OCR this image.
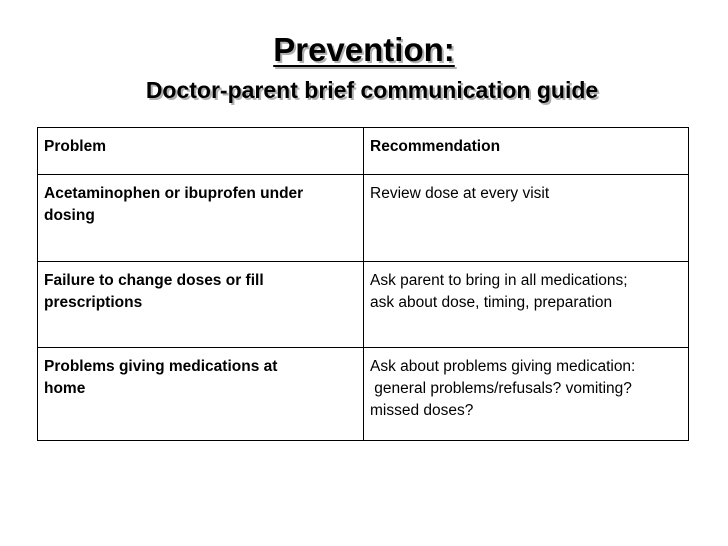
Prevention:
Doctor-parent brief communication guide
Problem	Recommendation

Acetaminophen or ibuprofen under
dosing	Review dose at every visit

Failure to change doses or fill
prescriptions	Ask parent to bring in all medications;
ask about dose, timing, preparation

Problems giving medications at
home	Ask about problems giving medication:
general problems/refusals? vomiting?
missed doses?
